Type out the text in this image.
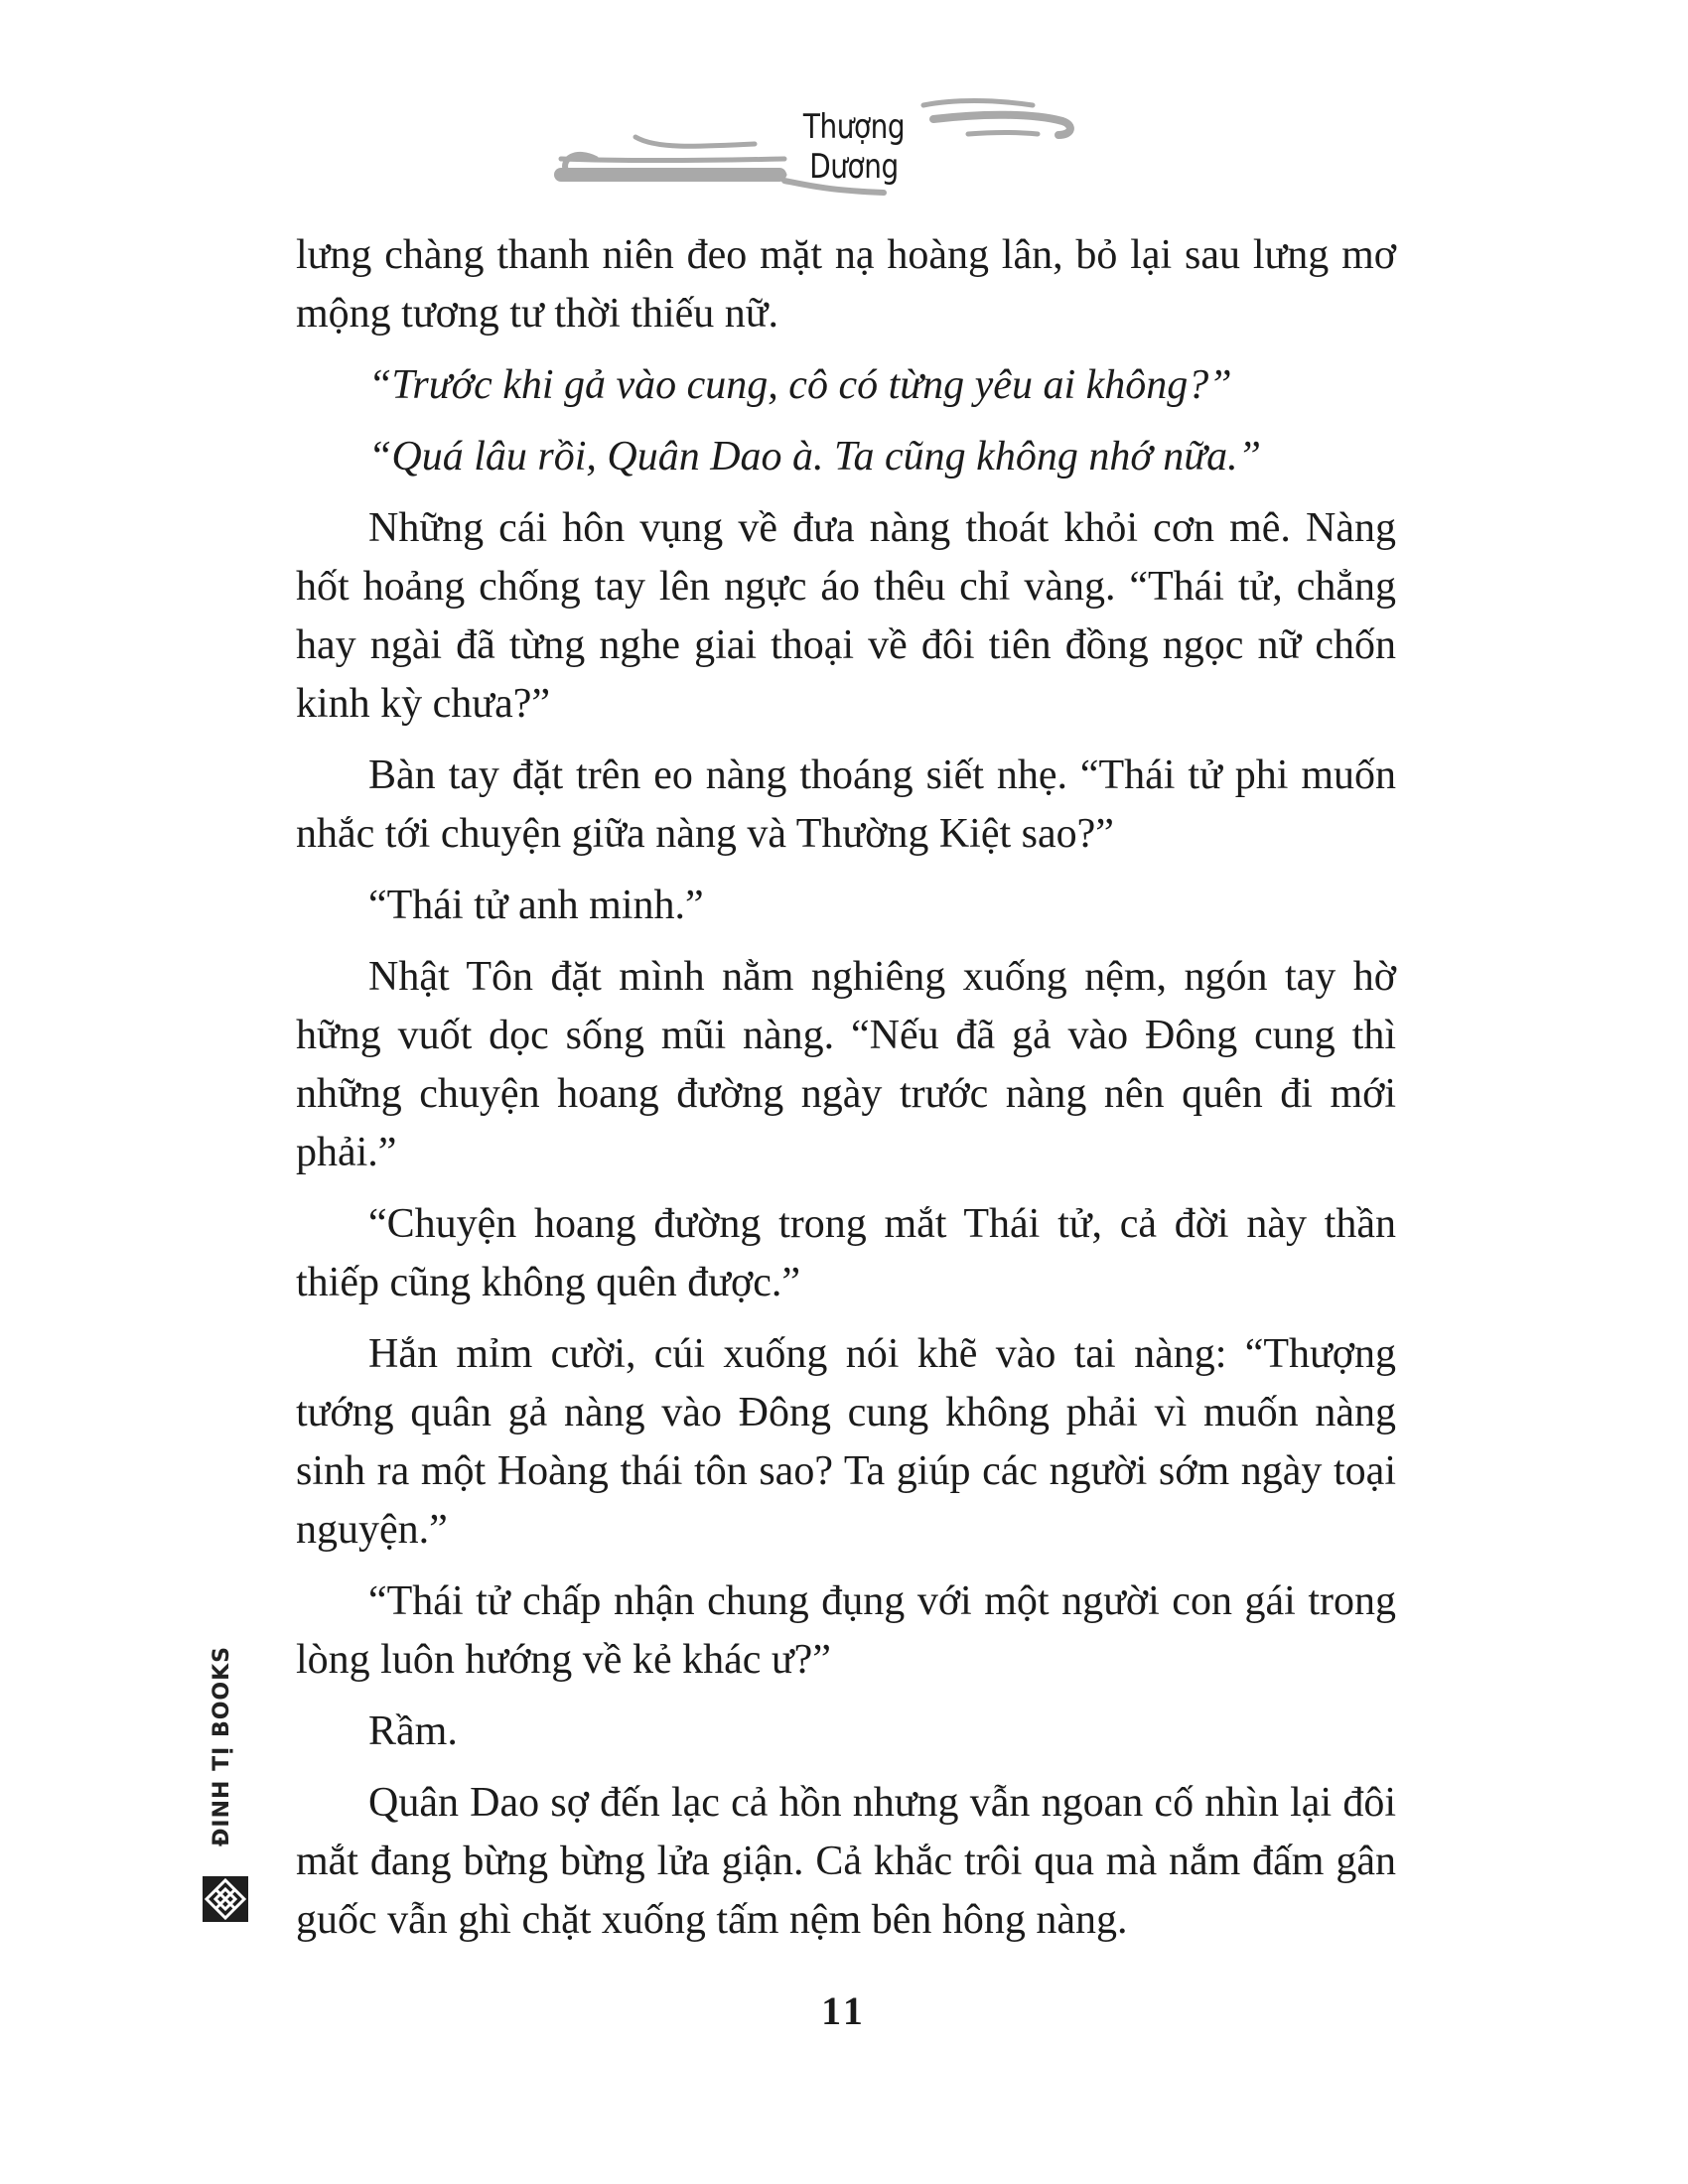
Thượng Dương

lưng chàng thanh niên đeo mặt nạ hoàng lân, bỏ lại sau lưng mơ mộng tương tư thời thiếu nữ.

“Trước khi gả vào cung, cô có từng yêu ai không?”

“Quá lâu rồi, Quân Dao à. Ta cũng không nhớ nữa.”

Những cái hôn vụng về đưa nàng thoát khỏi cơn mê. Nàng hốt hoảng chống tay lên ngực áo thêu chỉ vàng. “Thái tử, chẳng hay ngài đã từng nghe giai thoại về đôi tiên đồng ngọc nữ chốn kinh kỳ chưa?”

Bàn tay đặt trên eo nàng thoáng siết nhẹ. “Thái tử phi muốn nhắc tới chuyện giữa nàng và Thường Kiệt sao?”

“Thái tử anh minh.”

Nhật Tôn đặt mình nằm nghiêng xuống nệm, ngón tay hờ hững vuốt dọc sống mũi nàng. “Nếu đã gả vào Đông cung thì những chuyện hoang đường ngày trước nàng nên quên đi mới phải.”

“Chuyện hoang đường trong mắt Thái tử, cả đời này thần thiếp cũng không quên được.”

Hắn mỉm cười, cúi xuống nói khẽ vào tai nàng: “Thượng tướng quân gả nàng vào Đông cung không phải vì muốn nàng sinh ra một Hoàng thái tôn sao? Ta giúp các người sớm ngày toại nguyện.”

“Thái tử chấp nhận chung đụng với một người con gái trong lòng luôn hướng về kẻ khác ư?”

Rầm.

Quân Dao sợ đến lạc cả hồn nhưng vẫn ngoan cố nhìn lại đôi mắt đang bừng bừng lửa giận. Cả khắc trôi qua mà nắm đấm gân guốc vẫn ghì chặt xuống tấm nệm bên hông nàng.

11
ĐINH TỊ BOOKS
